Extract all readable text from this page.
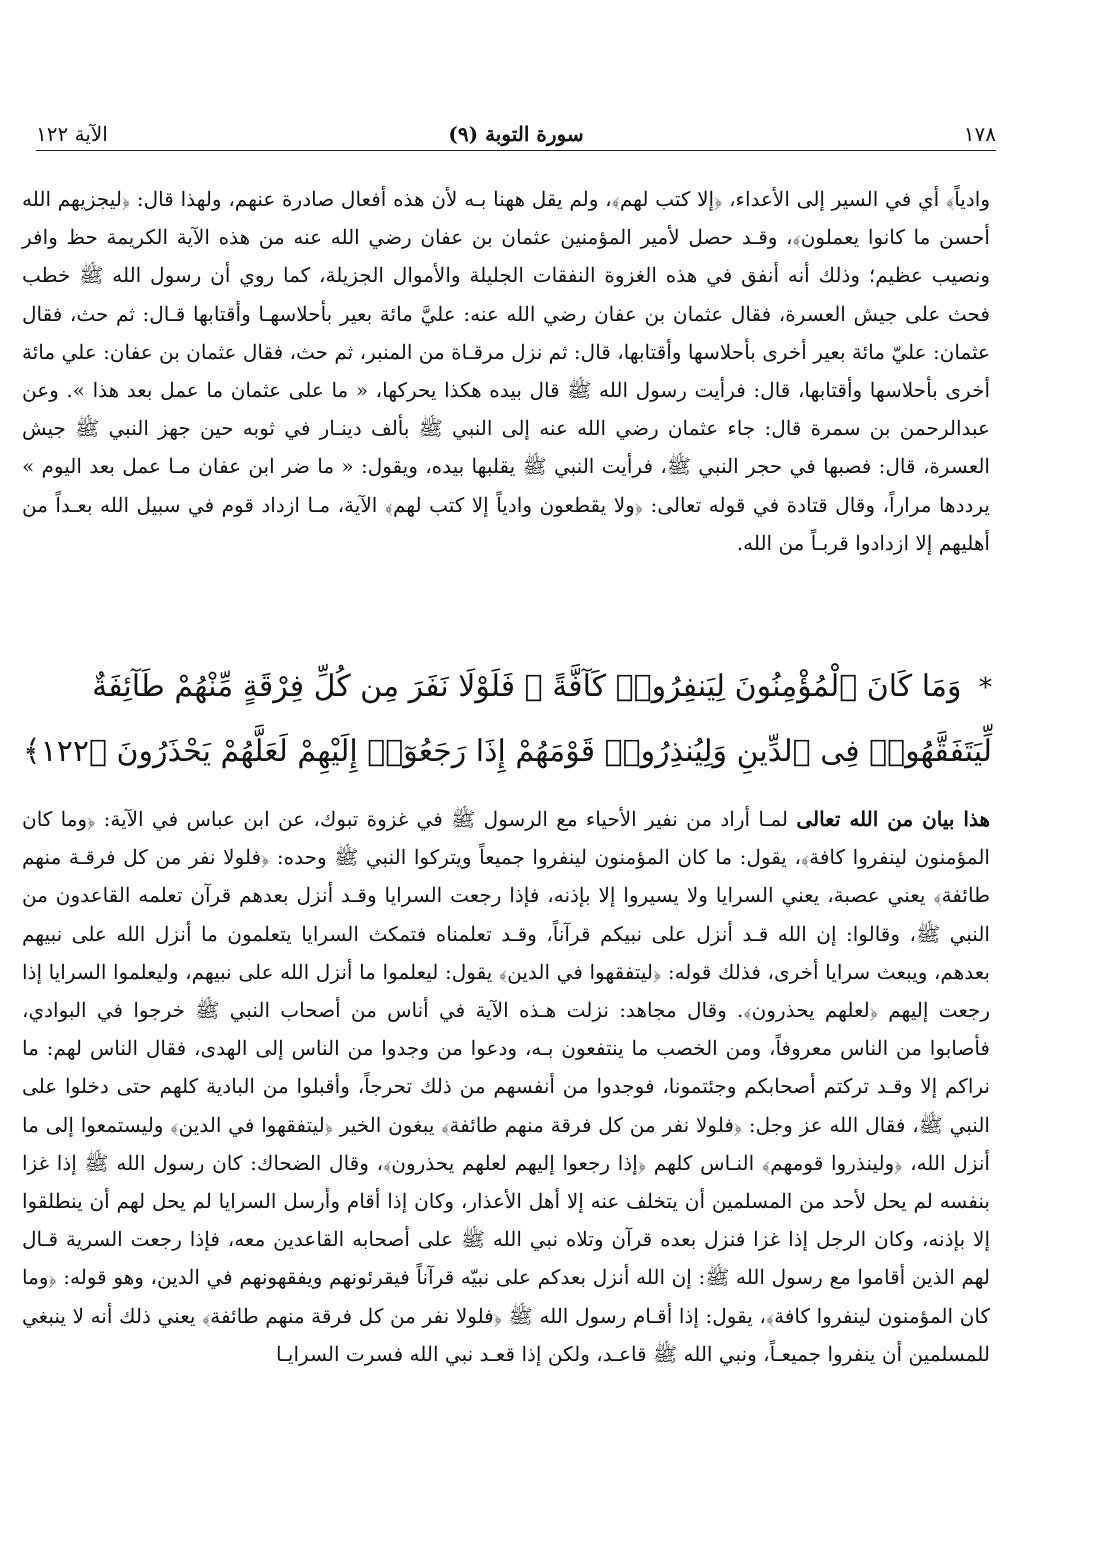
١٧٨
(٩) سورة التوبة
الآية ١٢٢

وادياً﴾ أي في السير إلى الأعداء، ﴿إلا كتب لهم﴾، ولم يقل ههنا بـه لأن هذه أفعال صادرة عنهم، ولهذا قال: ﴿ليجزيهم الله أحسن ما كانوا يعملون﴾، وقـد حصل لأمير المؤمنين عثمان بن عفان رضي الله عنه من هذه الآية الكريمة حظ وافر ونصيب عظيم؛ وذلك أنه أنفق في هذه الغزوة النفقات الجليلة والأموال الجزيلة، كما روي أن رسول الله ﷺ خطب فحث على جيش العسرة، فقال عثمان بن عفان رضي الله عنه: عليَّ مائة بعير بأحلاسهـا وأقتابها قـال: ثم حث، فقال عثمان: عليّ مائة بعير أخرى بأحلاسها وأقتابها، قال: ثم نزل مرقـاة من المنبر، ثم حث، فقال عثمان بن عفان: علي مائة أخرى بأحلاسها وأقتابها، قال: فرأيت رسول الله ﷺ قال بيده هكذا يحركها، « ما على عثمان ما عمل بعد هذا ». وعن عبدالرحمن بن سمرة قال: جاء عثمان رضي الله عنه إلى النبي ﷺ بألف دينـار في ثوبه حين جهز النبي ﷺ جيش العسرة، قال: فصبها في حجر النبي ﷺ، فرأيت النبي ﷺ يقلبها بيده، ويقول: « ما ضر ابن عفان مـا عمل بعد اليوم » يرددها مراراً، وقال قتادة في قوله تعالى: ﴿ولا يقطعون وادياً إلا كتب لهم﴾ الآية، مـا ازداد قوم في سبيل الله بعـداً من أهليهم إلا ازدادوا قربـاً من الله.

* وَمَا كَانَ ٱلْمُؤْمِنُونَ لِيَنفِرُوا۟ كَآفَّةً ۚ فَلَوْلَا نَفَرَ مِن كُلِّ فِرْقَةٍ مِّنْهُمْ طَآئِفَةٌ لِّيَتَفَقَّهُوا۟ فِى ٱلدِّينِ وَلِيُنذِرُوا۟ قَوْمَهُمْ إِذَا رَجَعُوٓا۟ إِلَيْهِمْ لَعَلَّهُمْ يَحْذَرُونَ ﴿١٢٢﴾

هذا بيان من الله تعالى لمـا أراد من نفير الأحياء مع الرسول ﷺ في غزوة تبوك، عن ابن عباس في الآية: ﴿وما كان المؤمنون لينفروا كافة﴾، يقول: ما كان المؤمنون لينفروا جميعاً ويتركوا النبي ﷺ وحده: ﴿فلولا نفر من كل فرقـة منهم طائفة﴾ يعني عصبة، يعني السرايا ولا يسيروا إلا بإذنه، فإذا رجعت السرايا وقـد أنزل بعدهم قرآن تعلمه القاعدون من النبي ﷺ، وقالوا: إن الله قـد أنزل على نبيكم قرآناً، وقـد تعلمناه فتمكث السرايا يتعلمون ما أنزل الله على نبيهم بعدهم، ويبعث سرايا أخرى، فذلك قوله: ﴿ليتفقهوا في الدين﴾ يقول: ليعلموا ما أنزل الله على نبيهم، وليعلموا السرايا إذا رجعت إليهم ﴿لعلهم يحذرون﴾. وقال مجاهد: نزلت هـذه الآية في أناس من أصحاب النبي ﷺ خرجوا في البوادي، فأصابوا من الناس معروفاً، ومن الخصب ما ينتفعون بـه، ودعوا من وجدوا من الناس إلى الهدى، فقال الناس لهم: ما نراكم إلا وقـد تركتم أصحابكم وجئتمونا، فوجدوا من أنفسهم من ذلك تحرجاً، وأقبلوا من البادية كلهم حتى دخلوا على النبي ﷺ، فقال الله عز وجل: ﴿فلولا نفر من كل فرقة منهم طائفة﴾ يبغون الخير ﴿ليتفقهوا في الدين﴾ وليستمعوا إلى ما أنزل الله، ﴿ولينذروا قومهم﴾ النـاس كلهم ﴿إذا رجعوا إليهم لعلهم يحذرون﴾، وقال الضحاك: كان رسول الله ﷺ إذا غزا بنفسه لم يحل لأحد من المسلمين أن يتخلف عنه إلا أهل الأعذار، وكان إذا أقام وأرسل السرايا لم يحل لهم أن ينطلقوا إلا بإذنه، وكان الرجل إذا غزا فنزل بعده قرآن وتلاه نبي الله ﷺ على أصحابه القاعدين معه، فإذا رجعت السرية قـال لهم الذين أقاموا مع رسول الله ﷺ: إن الله أنزل بعدكم على نبيّه قرآناً فيقرئونهم ويفقهونهم في الدين، وهو قوله: ﴿وما كان المؤمنون لينفروا كافة﴾، يقول: إذا أقـام رسول الله ﷺ ﴿فلولا نفر من كل فرقة منهم طائفة﴾ يعني ذلك أنه لا ينبغي للمسلمين أن ينفروا جميعـاً، ونبي الله ﷺ قاعـد، ولكن إذا قعـد نبي الله فسرت السرايـا
